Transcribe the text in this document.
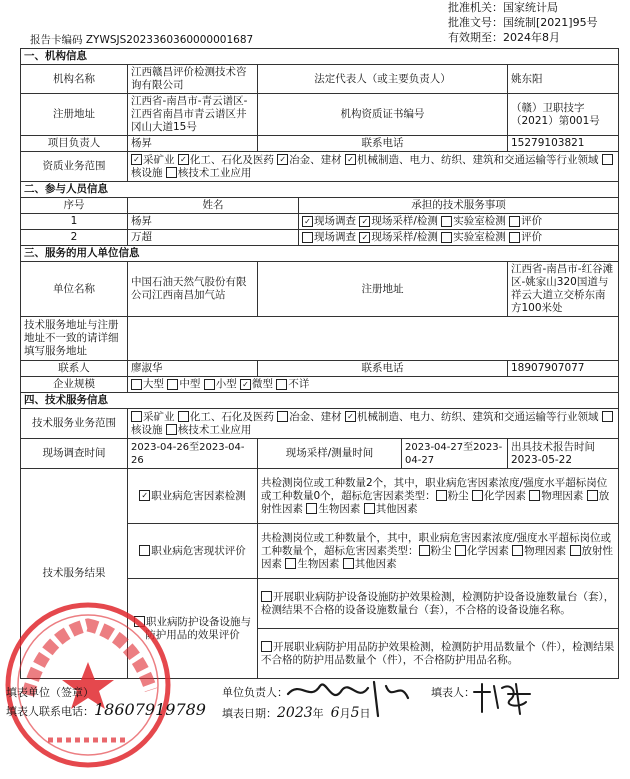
批准机关：国家统计局
批准文号：国统制[2021]95号
有效期至：2024年8月
报告卡编码 ZYWSJS2023360360000001687
一、机构信息					
机构名称	江西赣昌评价检测技术咨询有限公司	法定代表人（或主要负责人）			姚东阳
注册地址	江西省-南昌市-青云谱区-江西省南昌市青云谱区井冈山大道15号	机构资质证书编号			（赣）卫职技字（2021）第001号
项目负责人	杨昇	联系电话			15279103821
资质业务范围	✓ 采矿业 ✓ 化工、石化及医药 ✓ 冶金、建材 ✓ 机械制造、电力、纺织、建筑和交通运输等行业领域 核设施 核技术工业应用				
二、参与人员信息					
序号	姓名		承担的技术服务事项		
1	杨昇		✓ 现场调查 ✓ 现场采样/检测 实验室检测 评价		
2	万超		现场调查 ✓ 现场采样/检测 实验室检测 评价		
三、服务的用人单位信息					
单位名称	中国石油天然气股份有限公司江西南昌加气站	注册地址			江西省-南昌市-红谷滩区-姚家山320国道与祥云大道立交桥东南方100米处
技术服务地址与注册地址不一致的请详细填写服务地址					
联系人	廖淑华	联系电话			18907907077
企业规模	大型 中型 小型 ✓ 微型 不详				
四、技术服务信息					
技术服务业务范围	采矿业 化工、石化及医药 冶金、建材 ✓ 机械制造、电力、纺织、建筑和交通运输等行业领域 核设施 核技术工业应用				
现场调查时间	2023-04-26至2023-04-26	现场采样/测量时间		2023-04-27至2023-04-27	出具技术报告时间 2023-05-22
技术服务结果	✓ 职业病危害因素检测	共检测岗位或工种数量2个，其中，职业病危害因素浓度/强度水平超标岗位或工种数量0个，超标危害因素类型： 粉尘 化学因素 物理因素 放射性因素 生物因素 其他因素			
	职业病危害现状评价	共检测岗位或工种数量个，其中，职业病危害因素浓度/强度水平超标岗位或工种数量个，超标危害因素类型： 粉尘 化学因素 物理因素 放射性因素 生物因素 其他因素			
	职业病防护设备设施与防护用品的效果评价	开展职业病防护设备设施防护效果检测，检测防护设备设施数量台（套），检测结果不合格的设备设施数量台（套），不合格的设备设施名称。			
		开展职业病防护用品防护效果检测，检测防护用品数量个（件），检测结果不合格的防护用品数量个（件），不合格防护用品名称。			
填表单位（签章）
填表人联系电话：18607919789
单位负责人：	填表人：
填表日期：2023年 6月5日
